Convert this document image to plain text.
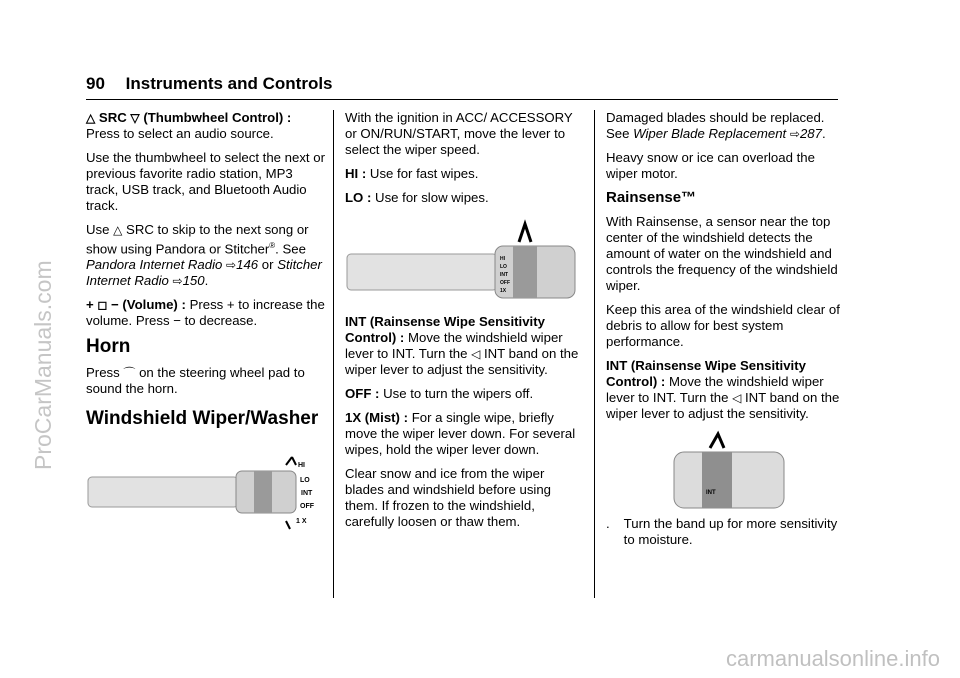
90 Instruments and Controls

△ SRC ▽ (Thumbwheel Control) : Press to select an audio source.

Use the thumbwheel to select the next or previous favorite radio station, MP3 track, USB track, and Bluetooth Audio track.

Use △ SRC to skip to the next song or show using Pandora or Stitcher®. See Pandora Internet Radio ⇨146 or Stitcher Internet Radio ⇨150.

+ ◻ − (Volume) : Press + to increase the volume. Press − to decrease.

Horn

Press ⌒ on the steering wheel pad to sound the horn.

Windshield Wiper/Washer
HI
LO
INT
OFF
1 X

With the ignition in ACC/ ACCESSORY or ON/RUN/START, move the lever to select the wiper speed.

HI : Use for fast wipes.

LO : Use for slow wipes.

HI
LO
INT
OFF
1X

INT (Rainsense Wipe Sensitivity Control) : Move the windshield wiper lever to INT. Turn the ◁ INT band on the wiper lever to adjust the sensitivity.

OFF : Use to turn the wipers off.

1X (Mist) : For a single wipe, briefly move the wiper lever down. For several wipes, hold the wiper lever down.

Clear snow and ice from the wiper blades and windshield before using them. If frozen to the windshield, carefully loosen or thaw them.

Damaged blades should be replaced. See Wiper Blade Replacement ⇨287.

Heavy snow or ice can overload the wiper motor.

Rainsense™

With Rainsense, a sensor near the top center of the windshield detects the amount of water on the windshield and controls the frequency of the windshield wiper.

Keep this area of the windshield clear of debris to allow for best system performance.

INT (Rainsense Wipe Sensitivity Control) : Move the windshield wiper lever to INT. Turn the ◁ INT band on the wiper lever to adjust the sensitivity.

INT
. Turn the band up for more sensitivity to moisture.
ProCarManuals.com
carmanualsonline.info
